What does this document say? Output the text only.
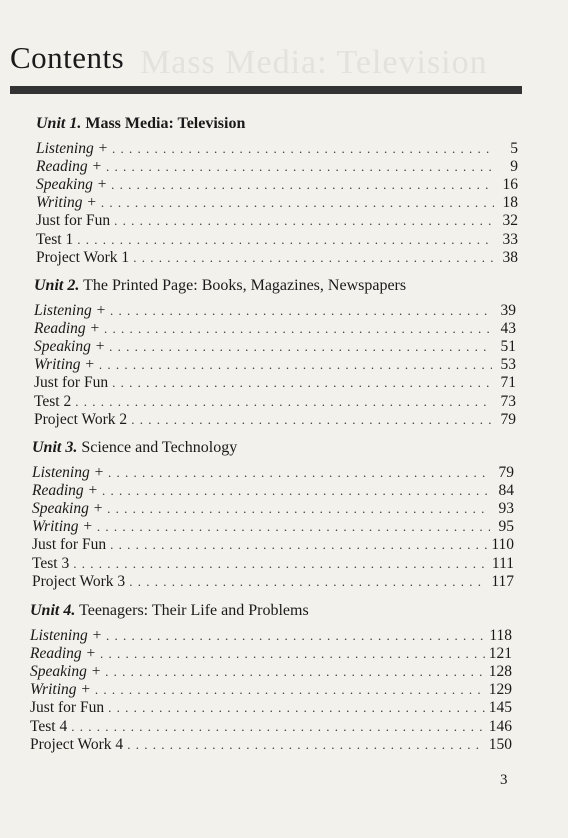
Mass Media: Television
Contents
Unit 1. Mass Media: Television
Listening + . . .	5
Reading + . . .	9
Speaking + . . .	16
Writing + . . .	18
Just for Fun . . .	32
Test 1 . . .	33
Project Work 1 . . .	38
Unit 2. The Printed Page: Books, Magazines, Newspapers
Listening + . . .	39
Reading + . . .	43
Speaking + . . .	51
Writing + . . .	53
Just for Fun . . .	71
Test 2 . . .	73
Project Work 2 . . .	79
Unit 3. Science and Technology
Listening + . . .	79
Reading + . . .	84
Speaking + . . .	93
Writing + . . .	95
Just for Fun . . .	110
Test 3 . . .	111
Project Work 3 . . .	117
Unit 4. Teenagers: Their Life and Problems
Listening + . . .	118
Reading + . . .	121
Speaking + . . .	128
Writing + . . .	129
Just for Fun . . .	145
Test 4 . . .	146
Project Work 4 . . .	150
3
